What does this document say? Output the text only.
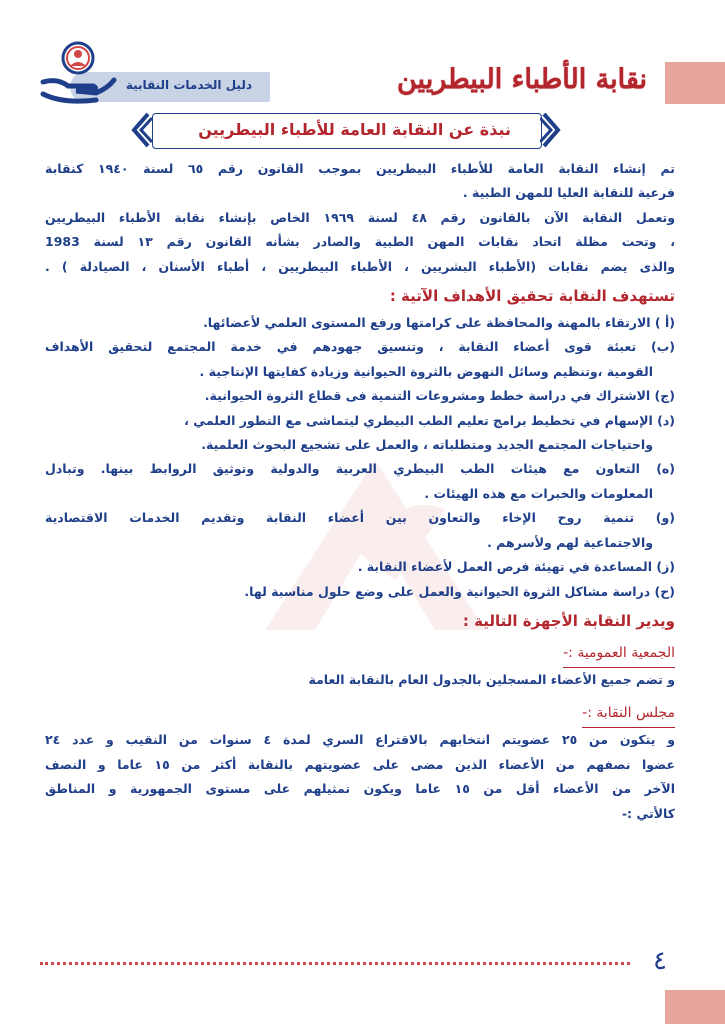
نقابة الأطباء البيطريين
دليل الخدمات النقابية
نبذة عن النقابة العامة للأطباء البيطريين

تم إنشاء النقابة العامة للأطباء البيطريين بموجب القانون رقم ٦٥ لسنة ١٩٤٠ كنقابة

فرعية للنقابة العليا للمهن الطبية .

وتعمل النقابة الآن بالقانون رقم ٤٨ لسنة ١٩٦٩ الخاص بإنشاء نقابة الأطباء البيطريين

، وتحت مظلة اتحاد نقابات المهن الطبية والصادر بشأنه القانون رقم ١٣ لسنة 1983

والذى يضم نقابات (الأطباء البشريين ، الأطباء البيطريين ، أطباء الأسنان ، الصيادلة ) .

تستهدف النقابة تحقيق الأهداف الآتية :

(أ ) الارتقاء بالمهنة والمحافظة على كرامتها ورفع المستوى العلمي لأعضائها.

(ب) تعبئة قوى أعضاء النقابة ، وتنسيق جهودهم في خدمة المجتمع لتحقيق الأهداف

القومية ،وتنظيم وسائل النهوض بالثروة الحيوانية وزيادة كفايتها الإنتاجية .

(ج) الاشتراك في دراسة خطط ومشروعات التنمية فى قطاع الثروة الحيوانية.

(د) الإسهام في تخطيط برامج تعليم الطب البيطري ليتماشى مع التطور العلمي ،

واحتياجات المجتمع الجديد ومتطلباته ، والعمل على تشجيع البحوث العلمية.

(ه) التعاون مع هيئات الطب البيطري العربية والدولية وتوثيق الروابط بينها. وتبادل

المعلومات والخبرات مع هذه الهيئات .

(و) تنمية روح الإخاء والتعاون بين أعضاء النقابة وتقديم الخدمات الاقتصادية

والاجتماعية لهم ولأسرهم .

(ز) المساعدة في تهيئة فرص العمل لأعضاء النقابة .

(ح) دراسة مشاكل الثروة الحيوانية والعمل على وضع حلول مناسبة لها.

ويدير النقابة الأجهزة التالية :

الجمعية العمومية :-

و تضم جميع الأعضاء المسجلين بالجدول العام بالنقابة العامة

مجلس النقابة :-

و يتكون من ٢٥ عضويتم انتخابهم بالاقتراع السري لمدة ٤ سنوات من النقيب و عدد ٢٤

عضوا نصفهم من الأعضاء الذين مضى على عضويتهم بالنقابة أكثر من ١٥ عاما و النصف

الآخر من الأعضاء أقل من ١٥ عاما ويكون تمثيلهم على مستوى الجمهورية و المناطق

كالأتي :-

٤
